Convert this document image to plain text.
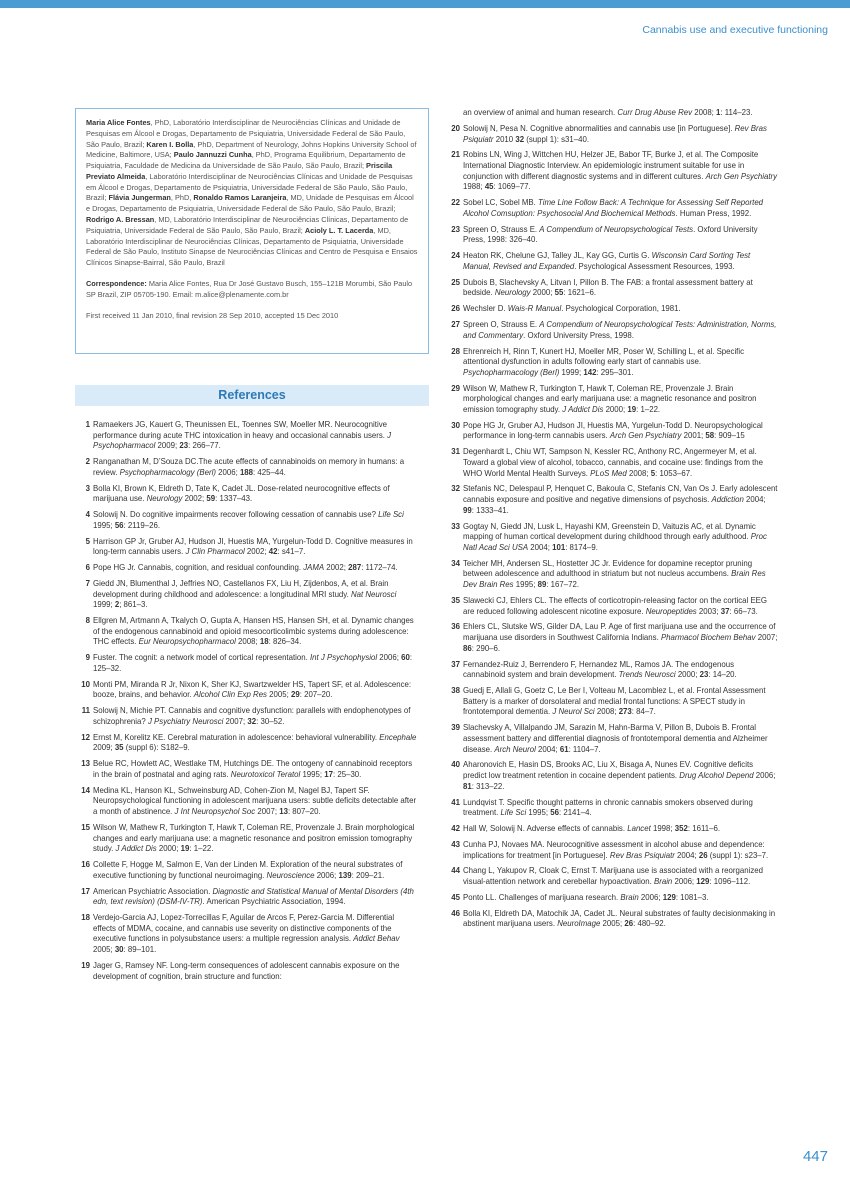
Cannabis use and executive functioning

Maria Alice Fontes, PhD, Laboratório Interdisciplinar de Neurociências Clínicas and Unidade de Pesquisas em Álcool e Drogas, Departamento de Psiquiatria, Universidade Federal de São Paulo, São Paulo, Brazil; Karen I. Bolla, PhD, Department of Neurology, Johns Hopkins University School of Medicine, Baltimore, USA; Paulo Jannuzzi Cunha, PhD, Programa Equilibrium, Departamento de Psiquiatria, Faculdade de Medicina da Universidade de São Paulo, São Paulo, Brazil; Priscila Previato Almeida, Laboratório Interdisciplinar de Neurociências Clínicas and Unidade de Pesquisas em Álcool e Drogas, Departamento de Psiquiatria, Universidade Federal de São Paulo, São Paulo, Brazil; Flávia Jungerman, PhD, Ronaldo Ramos Laranjeira, MD, Unidade de Pesquisas em Álcool e Drogas, Departamento de Psiquiatria, Universidade Federal de São Paulo, São Paulo, Brazil; Rodrigo A. Bressan, MD, Laboratório Interdisciplinar de Neurociências Clínicas, Departamento de Psiquiatria, Universidade Federal de São Paulo, São Paulo, Brazil; Acioly L. T. Lacerda, MD, Laboratório Interdisciplinar de Neurociências Clínicas, Departamento de Psiquiatria, Universidade Federal de São Paulo, Instituto Sinapse de Neurociências Clínicas and Centro de Pesquisa e Ensaios Clínicos Sinapse-Bairral, São Paulo, Brazil

Correspondence: Maria Alice Fontes, Rua Dr José Gustavo Busch, 155–121B Morumbi, São Paulo SP Brazil, ZIP 05705-190. Email: m.alice@plenamente.com.br

First received 11 Jan 2010, final revision 28 Sep 2010, accepted 15 Dec 2010

References
1 Ramaekers JG, Kauert G, Theunissen EL, Toennes SW, Moeller MR. Neurocognitive performance during acute THC intoxication in heavy and occasional cannabis users. J Psychopharmacol 2009; 23: 266–77.
2 Ranganathan M, D’Souza DC.The acute effects of cannabinoids on memory in humans: a review. Psychopharmacology (Berl) 2006; 188: 425–44.
3 Bolla KI, Brown K, Eldreth D, Tate K, Cadet JL. Dose-related neurocognitive effects of marijuana use. Neurology 2002; 59: 1337–43.
4 Solowij N. Do cognitive impairments recover following cessation of cannabis use? Life Sci 1995; 56: 2119–26.
5 Harrison GP Jr, Gruber AJ, Hudson JI, Huestis MA, Yurgelun-Todd D. Cognitive measures in long-term cannabis users. J Clin Pharmacol 2002; 42: s41–7.
6 Pope HG Jr. Cannabis, cognition, and residual confounding. JAMA 2002; 287: 1172–74.
7 Giedd JN, Blumenthal J, Jeffries NO, Castellanos FX, Liu H, Zijdenbos, A, et al. Brain development during childhood and adolescence: a longitudinal MRI study. Nat Neurosci 1999; 2; 861–3.
8 Ellgren M, Artmann A, Tkalych O, Gupta A, Hansen HS, Hansen SH, et al. Dynamic changes of the endogenous cannabinoid and opioid mesocorticolimbic systems during adolescence: THC effects. Eur Neuropsychopharmacol 2008; 18: 826–34.
9 Fuster. The cognit: a network model of cortical representation. Int J Psychophysiol 2006; 60: 125–32.
10 Monti PM, Miranda R Jr, Nixon K, Sher KJ, Swartzwelder HS, Tapert SF, et al. Adolescence: booze, brains, and behavior. Alcohol Clin Exp Res 2005; 29: 207–20.
11 Solowij N, Michie PT. Cannabis and cognitive dysfunction: parallels with endophenotypes of schizophrenia? J Psychiatry Neurosci 2007; 32: 30–52.
12 Ernst M, Korelitz KE. Cerebral maturation in adolescence: behavioral vulnerability. Encephale 2009; 35 (suppl 6): S182–9.
13 Belue RC, Howlett AC, Westlake TM, Hutchings DE. The ontogeny of cannabinoid receptors in the brain of postnatal and aging rats. Neurotoxicol Teratol 1995; 17: 25–30.
14 Medina KL, Hanson KL, Schweinsburg AD, Cohen-Zion M, Nagel BJ, Tapert SF. Neuropsychological functioning in adolescent marijuana users: subtle deficits detectable after a month of abstinence. J Int Neuropsychol Soc 2007; 13: 807–20.
15 Wilson W, Mathew R, Turkington T, Hawk T, Coleman RE, Provenzale J. Brain morphological changes and early marijuana use: a magnetic resonance and positron emission tomography study. J Addict Dis 2000; 19: 1–22.
16 Collette F, Hogge M, Salmon E, Van der Linden M. Exploration of the neural substrates of executive functioning by functional neuroimaging. Neuroscience 2006; 139: 209–21.
17 American Psychiatric Association. Diagnostic and Statistical Manual of Mental Disorders (4th edn, text revision) (DSM-IV-TR). American Psychiatric Association, 1994.
18 Verdejo-Garcia AJ, Lopez-Torrecillas F, Aguilar de Arcos F, Perez-Garcia M. Differential effects of MDMA, cocaine, and cannabis use severity on distinctive components of the executive functions in polysubstance users: a multiple regression analysis. Addict Behav 2005; 30: 89–101.
19 Jager G, Ramsey NF. Long-term consequences of adolescent cannabis exposure on the development of cognition, brain structure and function:
an overview of animal and human research. Curr Drug Abuse Rev 2008; 1: 114–23.
20 Solowij N, Pesa N. Cognitive abnormalities and cannabis use [in Portuguese]. Rev Bras Psiquiatr 2010 32 (suppl 1): s31–40.
21 Robins LN, Wing J, Wittchen HU, Helzer JE, Babor TF, Burke J, et al. The Composite International Diagnostic Interview. An epidemiologic instrument suitable for use in conjunction with different diagnostic systems and in different cultures. Arch Gen Psychiatry 1988; 45: 1069–77.
22 Sobel LC, Sobel MB. Time Line Follow Back: A Technique for Assessing Self Reported Alcohol Comsuption: Psychosocial And Biochemical Methods. Human Press, 1992.
23 Spreen O, Strauss E. A Compendium of Neuropsychological Tests. Oxford University Press, 1998: 326–40.
24 Heaton RK, Chelune GJ, Talley JL, Kay GG, Curtis G. Wisconsin Card Sorting Test Manual, Revised and Expanded. Psychological Assessment Resources, 1993.
25 Dubois B, Slachevsky A, Litvan I, Pillon B. The FAB: a frontal assessment battery at bedside. Neurology 2000; 55: 1621–6.
26 Wechsler D. Wais-R Manual. Psychological Corporation, 1981.
27 Spreen O, Strauss E. A Compendium of Neuropsychological Tests: Administration, Norms, and Commentary. Oxford University Press, 1998.
28 Ehrenreich H, Rinn T, Kunert HJ, Moeller MR, Poser W, Schilling L, et al. Specific attentional dysfunction in adults following early start of cannabis use. Psychopharmacology (Berl) 1999; 142: 295–301.
29 Wilson W, Mathew R, Turkington T, Hawk T, Coleman RE, Provenzale J. Brain morphological changes and early marijuana use: a magnetic resonance and positron emission tomography study. J Addict Dis 2000; 19: 1–22.
30 Pope HG Jr, Gruber AJ, Hudson JI, Huestis MA, Yurgelun-Todd D. Neuropsychological performance in long-term cannabis users. Arch Gen Psychiatry 2001; 58: 909–15
31 Degenhardt L, Chiu WT, Sampson N, Kessler RC, Anthony RC, Angermeyer M, et al. Toward a global view of alcohol, tobacco, cannabis, and cocaine use: findings from the WHO World Mental Health Surveys. PLoS Med 2008; 5: 1053–67.
32 Stefanis NC, Delespaul P, Henquet C, Bakoula C, Stefanis CN, Van Os J. Early adolescent cannabis exposure and positive and negative dimensions of psychosis. Addiction 2004; 99: 1333–41.
33 Gogtay N, Giedd JN, Lusk L, Hayashi KM, Greenstein D, Vaituzis AC, et al. Dynamic mapping of human cortical development during childhood through early adulthood. Proc Natl Acad Sci USA 2004; 101: 8174–9.
34 Teicher MH, Andersen SL, Hostetter JC Jr. Evidence for dopamine receptor pruning between adolescence and adulthood in striatum but not nucleus accumbens. Brain Res Dev Brain Res 1995; 89: 167–72.
35 Slawecki CJ, Ehlers CL. The effects of corticotropin-releasing factor on the cortical EEG are reduced following adolescent nicotine exposure. Neuropeptides 2003; 37: 66–73.
36 Ehlers CL, Slutske WS, Gilder DA, Lau P. Age of first marijuana use and the occurrence of marijuana use disorders in Southwest California Indians. Pharmacol Biochem Behav 2007; 86: 290–6.
37 Fernandez-Ruiz J, Berrendero F, Hernandez ML, Ramos JA. The endogenous cannabinoid system and brain development. Trends Neurosci 2000; 23: 14–20.
38 Guedj E, Allali G, Goetz C, Le Ber I, Volteau M, Lacomblez L, et al. Frontal Assessment Battery is a marker of dorsolateral and medial frontal functions: A SPECT study in frontotemporal dementia. J Neurol Sci 2008; 273: 84–7.
39 Slachevsky A, Villalpando JM, Sarazin M, Hahn-Barma V, Pillon B, Dubois B. Frontal assessment battery and differential diagnosis of frontotemporal dementia and Alzheimer disease. Arch Neurol 2004; 61: 1104–7.
40 Aharonovich E, Hasin DS, Brooks AC, Liu X, Bisaga A, Nunes EV. Cognitive deficits predict low treatment retention in cocaine dependent patients. Drug Alcohol Depend 2006; 81: 313–22.
41 Lundqvist T. Specific thought patterns in chronic cannabis smokers observed during treatment. Life Sci 1995; 56: 2141–4.
42 Hall W, Solowij N. Adverse effects of cannabis. Lancet 1998; 352: 1611–6.
43 Cunha PJ, Novaes MA. Neurocognitive assessment in alcohol abuse and dependence: implications for treatment [in Portuguese]. Rev Bras Psiquiatr 2004; 26 (suppl 1): s23–7.
44 Chang L, Yakupov R, Cloak C, Ernst T. Marijuana use is associated with a reorganized visual-attention network and cerebellar hypoactivation. Brain 2006; 129: 1096–112.
45 Ponto LL. Challenges of marijuana research. Brain 2006; 129: 1081–3.
46 Bolla KI, Eldreth DA, Matochik JA, Cadet JL. Neural substrates of faulty decisionmaking in abstinent marijuana users. NeuroImage 2005; 26: 480–92.
447
